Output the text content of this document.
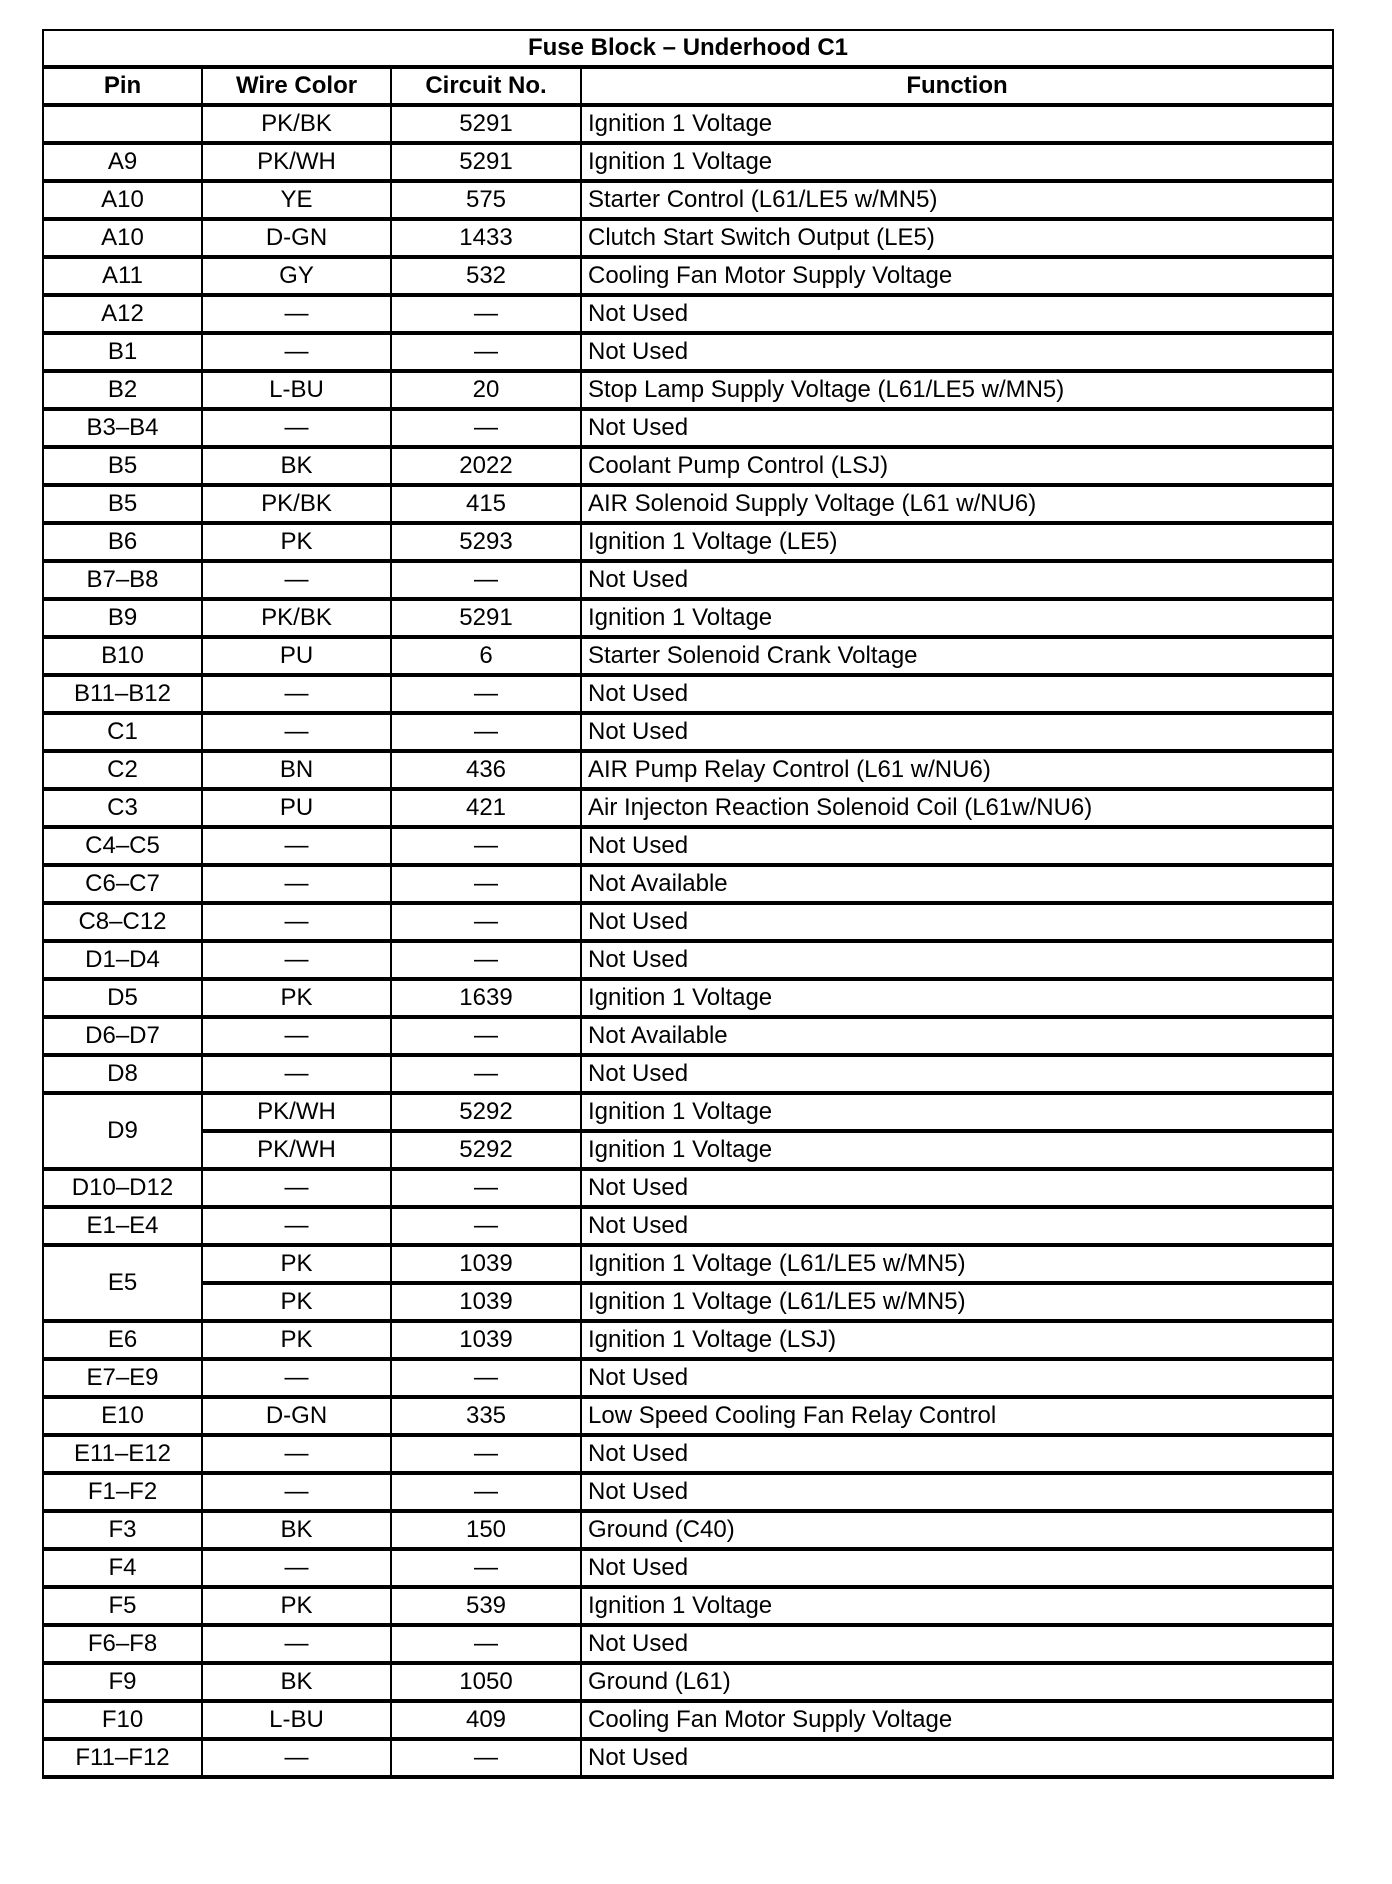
Fuse Block – Underhood C1			
Pin	Wire Color	Circuit No.	Function
	PK/BK	5291	Ignition 1 Voltage
A9	PK/WH	5291	Ignition 1 Voltage
A10	YE	575	Starter Control (L61/LE5 w/MN5)
A10	D-GN	1433	Clutch Start Switch Output (LE5)
A11	GY	532	Cooling Fan Motor Supply Voltage
A12	—	—	Not Used
B1	—	—	Not Used
B2	L-BU	20	Stop Lamp Supply Voltage (L61/LE5 w/MN5)
B3–B4	—	—	Not Used
B5	BK	2022	Coolant Pump Control (LSJ)
B5	PK/BK	415	AIR Solenoid Supply Voltage (L61 w/NU6)
B6	PK	5293	Ignition 1 Voltage (LE5)
B7–B8	—	—	Not Used
B9	PK/BK	5291	Ignition 1 Voltage
B10	PU	6	Starter Solenoid Crank Voltage
B11–B12	—	—	Not Used
C1	—	—	Not Used
C2	BN	436	AIR Pump Relay Control (L61 w/NU6)
C3	PU	421	Air Injecton Reaction Solenoid Coil (L61w/NU6)
C4–C5	—	—	Not Used
C6–C7	—	—	Not Available
C8–C12	—	—	Not Used
D1–D4	—	—	Not Used
D5	PK	1639	Ignition 1 Voltage
D6–D7	—	—	Not Available
D8	—	—	Not Used
D9	PK/WH	5292	Ignition 1 Voltage
	PK/WH	5292	Ignition 1 Voltage
D10–D12	—	—	Not Used
E1–E4	—	—	Not Used
E5	PK	1039	Ignition 1 Voltage (L61/LE5 w/MN5)
	PK	1039	Ignition 1 Voltage (L61/LE5 w/MN5)
E6	PK	1039	Ignition 1 Voltage (LSJ)
E7–E9	—	—	Not Used
E10	D-GN	335	Low Speed Cooling Fan Relay Control
E11–E12	—	—	Not Used
F1–F2	—	—	Not Used
F3	BK	150	Ground (C40)
F4	—	—	Not Used
F5	PK	539	Ignition 1 Voltage
F6–F8	—	—	Not Used
F9	BK	1050	Ground (L61)
F10	L-BU	409	Cooling Fan Motor Supply Voltage
F11–F12	—	—	Not Used
